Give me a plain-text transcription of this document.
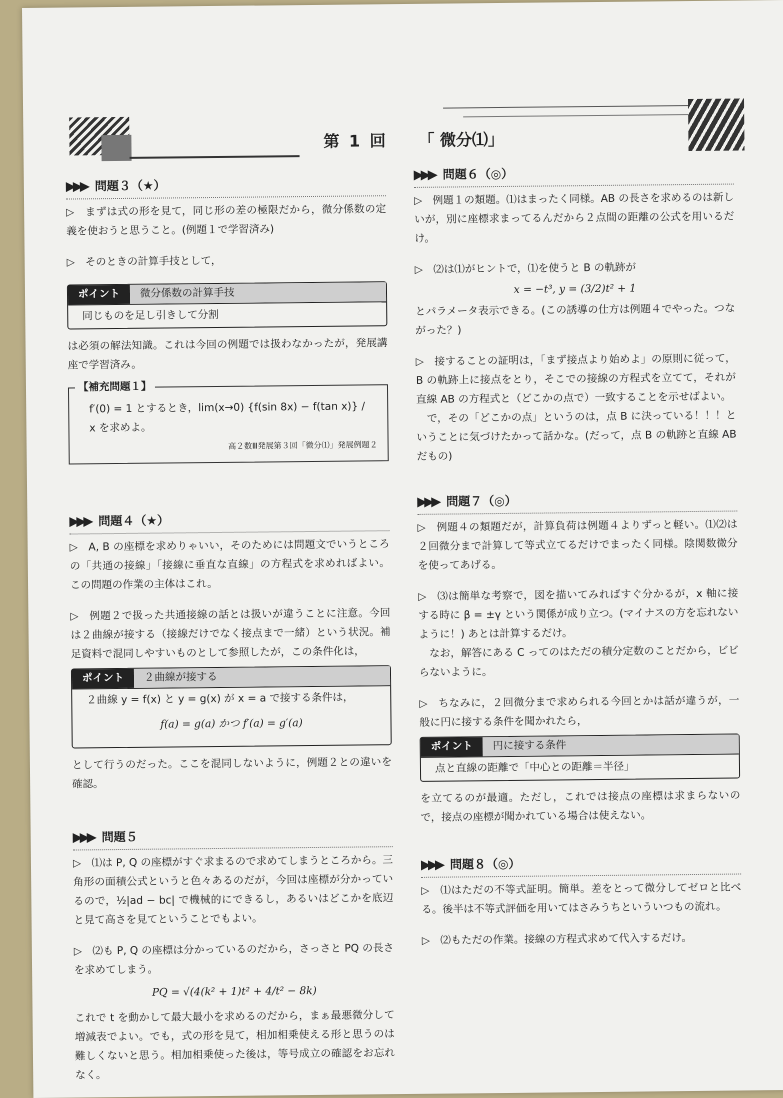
第 1 回 「 微分⑴」
▶▶▶ 問題３（★）

▷　まずは式の形を見て，同じ形の差の極限だから，微分係数の定義を使おうと思うこと。(例題１で学習済み)

▷　そのときの計算手技として，

ポイント	微分係数の計算手技
同じものを足し引きして分割

は必須の解法知識。これは今回の例題では扱わなかったが，発展講座で学習済み。

【補充問題１】
f′(0) = 1 とするとき，lim(x→0) {f(sin 8x) − f(tan x)} / x を求めよ。
高２数Ⅲ発展第３回「微分⑴」発展例題２
▶▶▶ 問題４（★）

▷　A, B の座標を求めりゃいい，そのためには問題文でいうところの「共通の接線」「接線に垂直な直線」の方程式を求めればよい。この問題の作業の主体はこれ。

▷　例題２で扱った共通接線の話とは扱いが違うことに注意。今回は２曲線が接する（接線だけでなく接点まで一緒）という状況。補足資料で混同しやすいものとして参照したが，この条件化は，

ポイント	２曲線が接する
２曲線 y = f(x) と y = g(x) が x = a で接する条件は，
f(a) = g(a) かつ f′(a) = g′(a)

として行うのだった。ここを混同しないように，例題２との違いを確認。

▶▶▶ 問題５

▷　⑴は P, Q の座標がすぐ求まるので求めてしまうところから。三角形の面積公式というと色々あるのだが，今回は座標が分かっているので，½|ad − bc| で機械的にできるし，あるいはどこかを底辺と見て高さを見てということでもよい。

▷　⑵も P, Q の座標は分かっているのだから，さっさと PQ の長さを求めてしまう。

PQ = √(4(k² + 1)t² + 4/t² − 8k)

これで t を動かして最大最小を求めるのだから，まぁ最悪微分して増減表でよい。でも，式の形を見て，相加相乗使える形と思うのは難しくないと思う。相加相乗使った後は，等号成立の確認をお忘れなく。

▶▶▶ 問題６（◎）

▷　例題１の類題。⑴はまったく同様。AB の長さを求めるのは新しいが，別に座標求まってるんだから２点間の距離の公式を用いるだけ。

▷　⑵は⑴がヒントで，⑴を使うと B の軌跡が

x = −t³, y = (3/2)t² + 1

とパラメータ表示できる。(この誘導の仕方は例題４でやった。つながった？)

▷　接することの証明は，「まず接点より始めよ」の原則に従って，B の軌跡上に接点をとり，そこでの接線の方程式を立てて，それが直線 AB の方程式と（どこかの点で）一致することを示せばよい。

　で，その「どこかの点」というのは，点 B に決っている！！！ということに気づけたかって話かな。(だって，点 B の軌跡と直線 AB だもの)

▶▶▶ 問題７（◎）

▷　例題４の類題だが，計算負荷は例題４よりずっと軽い。⑴⑵は２回微分まで計算して等式立てるだけでまったく同様。陰関数微分を使ってあげる。

▷　⑶は簡単な考察で，図を描いてみればすぐ分かるが，x 軸に接する時に β = ±γ という関係が成り立つ。(マイナスの方を忘れないように！) あとは計算するだけ。

　なお，解答にある C ってのはただの積分定数のことだから，ビビらないように。

▷　ちなみに，２回微分まで求められる今回とかは話が違うが，一般に円に接する条件を聞かれたら，

ポイント	円に接する条件
点と直線の距離で「中心との距離＝半径」

を立てるのが最適。ただし，これでは接点の座標は求まらないので，接点の座標が聞かれている場合は使えない。

▶▶▶ 問題８（◎）

▷　⑴はただの不等式証明。簡単。差をとって微分してゼロと比べる。後半は不等式評価を用いてはさみうちといういつもの流れ。

▷　⑵もただの作業。接線の方程式求めて代入するだけ。
